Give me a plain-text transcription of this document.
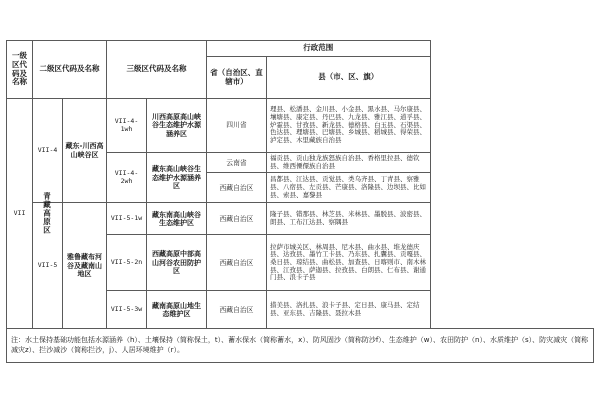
一级区代码及名称	二级区代码及名称		三级区代码及名称		行政范围	
					省（自治区、直辖市）	县（市、区、旗）
VII	VII-4	藏东-川西高山峡谷区	VII-4-1wh	川西高原高山峡谷生态维护水源涵养区	四川省	理县、松潘县、金川县、小金县、黑水县、马尔康县、壤塘县、康定县、丹巴县、九龙县、雅江县、道孚县、炉霍县、甘孜县、新龙县、德格县、白玉县、石渠县、色达县、理塘县、巴塘县、乡城县、稻城县、得荣县、泸定县、木里藏族自治县
			VII-4-2wh	藏东高山峡谷生态维护水源涵养区	云南省	福贡县、贡山独龙族怒族自治县、香格里拉县、德钦县、维西傈僳族自治县
					西藏自治区	昌都县、江达县、贡觉县、类乌齐县、丁青县、察雅县、八宿县、左贡县、芒康县、洛隆县、边坝县、比如县、索县、嘉黎县
	VII-5	雅鲁藏布河谷及藏南山地区	VII-5-1w	藏东南高山峡谷生态维护区	西藏自治区	隆子县、错那县、林芝县、米林县、墨脱县、波密县、朗县、工布江达县、察隅县
			VII-5-2n	西藏高原中部高山河谷农田防护区	西藏自治区	拉萨市城关区、林周县、尼木县、曲水县、堆龙德庆县、达孜县、墨竹工卡县、乃东县、扎囊县、贡嘎县、桑日县、琼结县、曲松县、加查县、日喀则市、南木林县、江孜县、萨迦县、拉孜县、白朗县、仁布县、谢通门县、浪卡子县
			VII-5-3w	藏南高原山地生态维护区	西藏自治区	措美县、洛扎县、浪卡子县、定日县、康马县、定结县、亚东县、吉隆县、聂拉木县

注：水土保持基础功能包括水源涵养（h）、土壤保持（简称保土，t）、蓄水保水（简称蓄水，x）、防风固沙（简称防沙f）、生态维护（w）、农田防护（n）、水质维护（s）、防灾减灾（简称减灾z）、拦沙减沙（简称拦沙，j）、人居环境维护（r）。						
青藏高原区
